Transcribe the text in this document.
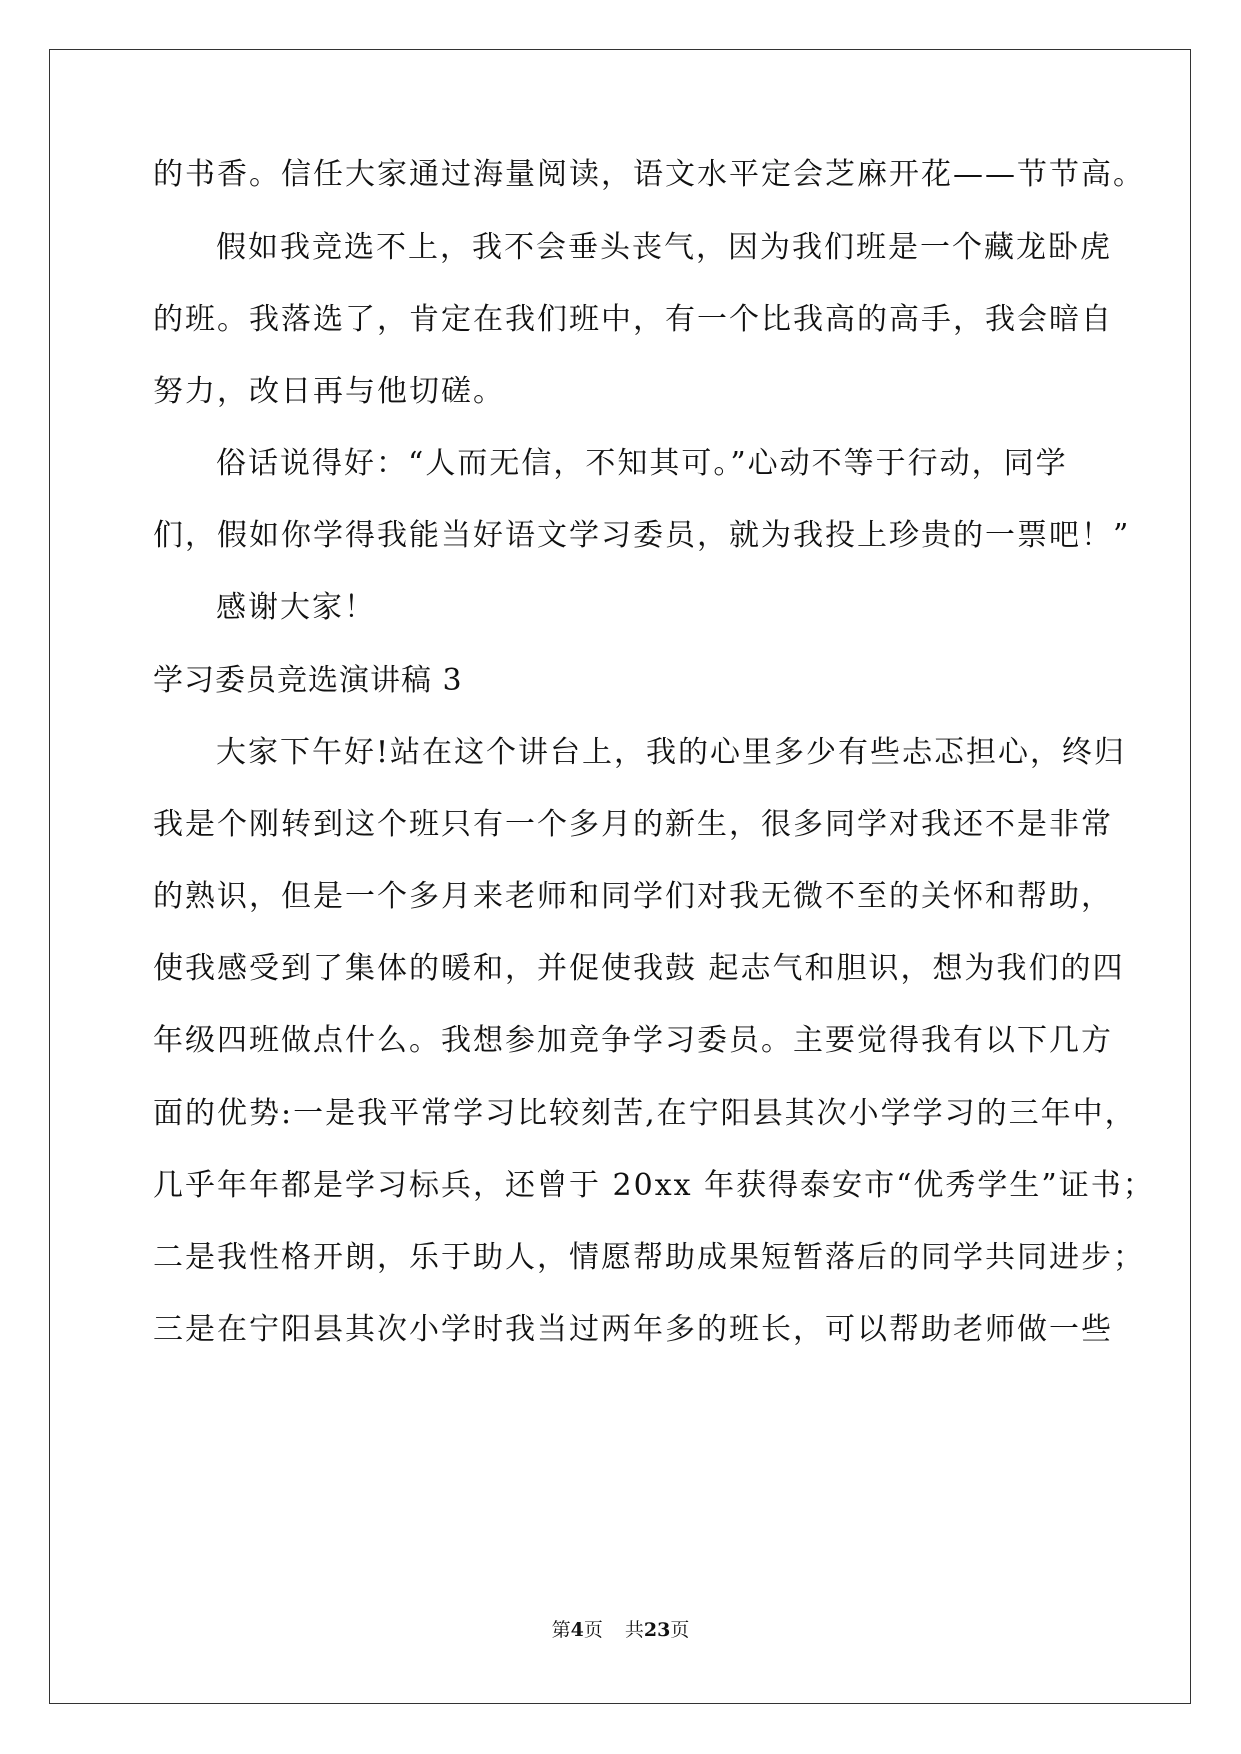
的书香。信任大家通过海量阅读，语文水平定会芝麻开花——节节高。
假如我竞选不上，我不会垂头丧气，因为我们班是一个藏龙卧虎
的班。我落选了，肯定在我们班中，有一个比我高的高手，我会暗自
努力，改日再与他切磋。
俗话说得好：“人而无信，不知其可。”心动不等于行动，同学
们，假如你学得我能当好语文学习委员，就为我投上珍贵的一票吧！”
感谢大家！
学习委员竞选演讲稿 3
大家下午好!站在这个讲台上，我的心里多少有些忐忑担心，终归
我是个刚转到这个班只有一个多月的新生，很多同学对我还不是非常
的熟识，但是一个多月来老师和同学们对我无微不至的关怀和帮助，
使我感受到了集体的暖和，并促使我鼓 起志气和胆识，想为我们的四
年级四班做点什么。我想参加竞争学习委员。主要觉得我有以下几方
面的优势:一是我平常学习比较刻苦,在宁阳县其次小学学习的三年中，
几乎年年都是学习标兵，还曾于 20xx 年获得泰安市“优秀学生”证书；
二是我性格开朗，乐于助人，情愿帮助成果短暂落后的同学共同进步；
三是在宁阳县其次小学时我当过两年多的班长，可以帮助老师做一些
第4页 共23页
